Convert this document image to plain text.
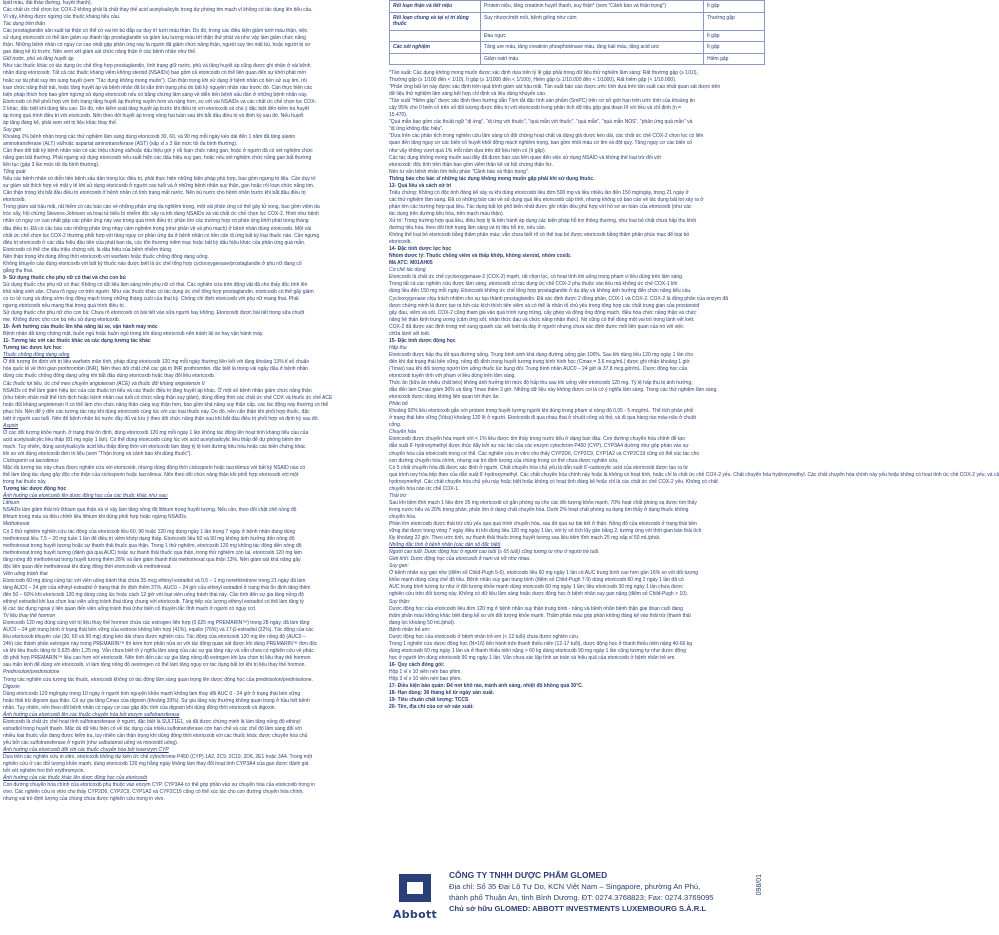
lipid máu, đái tháo đường, huyết thanh).

Các chất ức chế chọn lọc COX-2 không phải là chất thay thế acid acetylsalicylic trong dự phòng tim mạch vì không có tác dụng lên tiểu cầu.

Vì vậy, không được ngừng các thuốc kháng tiểu cầu.

Tác dụng trên thận

Các prostaglandin sản xuất tại thận có thể có vai trò bù đắp sự duy trì tưới máu thận. Do đó, trong các điều kiện giảm tưới máu thận, việc

sử dụng etoricoxib có thể làm giảm sự thành lập prostaglandin và giảm lưu lượng máu tới thận thứ phát và như vậy làm giảm chức năng

thận. Những bệnh nhân có nguy cơ cao nhất gặp phản ứng này là người đã giảm chức năng thận, người suy tim mất bù, hoặc người bị xơ

gan đáng kể từ trước. Nên xem xét giám sát chức năng thận ở các bệnh nhân như thế.

Giữ nước, phù và tăng huyết áp

Như các thuốc khác có tác dụng ức chế tổng hợp prostaglandin, tình trạng giữ nước, phù và tăng huyết áp cũng được ghi nhận ở vài bệnh

nhân dùng etoricoxib. Tất cả các thuốc kháng viêm không steroid (NSAIDs) bao gồm cả etoricoxib có thể liên quan đến sự khởi phát mới

hoặc sự tái phát suy tim sung huyết (xem "Tác dụng không mong muốn"). Cần thận trọng khi sử dụng ở bệnh nhân có tiền sử suy tim, rối

loạn chức năng thất trái, hoặc tăng huyết áp và bệnh nhân đã bị sẵn tình trạng phù do bất kỳ nguyên nhân nào trước đó. Cần thực hiện các

biện pháp thích hợp bao gồm ngừng sử dụng etoricoxib nếu có bằng chứng lâm sàng về diễn tiến bệnh xấu dần ở những bệnh nhân này.

Etoricoxib có thể phối hợp với tình trạng tăng huyết áp thường xuyên hơn và nặng hơn, so với vài NSAIDs và các chất ức chế chọn lọc COX-

2 khác, đặc biệt khi dùng liều cao. Do đó, nên kiểm soát tăng huyết áp trước khi điều trị với etoricoxib và chú ý đặc biệt đến kiểm tra huyết

áp trong quá trình điều trị với etoricoxib. Nên theo dõi huyết áp trong vòng hai tuần sau khi bắt đầu điều trị và định kỳ sau đó. Nếu huyết

áp tăng đáng kể, phải xem xét trị liệu khác thay thế.

Suy gan

Khoảng 1% bệnh nhân trong các thử nghiệm lâm sàng dùng etoricoxib 30, 60, và 90 mg mỗi ngày kéo dài đến 1 năm đã tăng alanin

aminotransferase (ALT) và/hoặc aspartat aminotransferase (AST) (xấp xỉ ≥ 3 lần mức tối đa bình thường).

Cần theo dõi bất kỳ bệnh nhân nào có các triệu chứng và/hoặc dấu hiệu gợi ý rối loạn chức năng gan, hoặc ở người đã có xét nghiệm chức

năng gan bất thường. Phải ngưng sử dụng etoricoxib nếu xuất hiện các dấu hiệu suy gan, hoặc nếu xét nghiệm chức năng gan bất thường

liên tục (gấp 3 lần mức tối đa bình thường).

Tổng quát

Nếu các bệnh nhân có diễn tiến bệnh xấu dần trong lúc điều trị, phải thực hiện những biện pháp phù hợp, bao gồm ngưng trị liệu. Cần duy trì

sự giám sát thích hợp về mặt y tế khi sử dụng etoricoxib ở người cao tuổi và ở những bệnh nhân suy thận, gan hoặc rối loạn chức năng tim.

Cần thận trọng khi bắt đầu điều trị etoricoxib ở bệnh nhân có tình trạng mất nước. Nên bù nước cho bệnh nhân trước khi bắt đầu điều trị

etoricoxib.

Trong giám sát hậu mãi, rất hiếm có các báo cáo về những phản ứng da nghiêm trọng, một vài phản ứng có thể gây tử vong, bao gồm viêm da

tróc vẩy, hội chứng Stevens-Johnson và hoại tử biểu bì nhiễm độc xảy ra khi dùng NSAIDs và vài chất ức chế chọn lọc COX-2. Hình như bệnh

nhân có nguy cơ cao nhất gặp các phản ứng này vào trong quá trình điều trị: phần lớn các trường hợp có phản ứng khởi phát trong tháng

đầu điều trị. Đã có các báo cáo những phản ứng nhạy cảm nghiêm trọng (như phản vệ và phù mạch) ở bệnh nhân dùng etoricoxib. Một vài

chất ức chế chọn lọc COX-2 thường phối hợp với tăng nguy cơ phản ứng da ở bệnh nhân có tiền căn dị ứng bất kỳ loại thuốc nào. Cần ngưng

điều trị etoricoxib ở các dấu hiệu đầu tiên của phát ban da, các tổn thương niêm mạc hoặc bất kỳ dấu hiệu khác của phản ứng quá mẫn.

Etoricoxib có thể che dấu triệu chứng sốt, là dấu hiệu của bệnh nhiễm trùng.

Nên thận trọng khi dùng đồng thời etoricoxib với warfarin hoặc thuốc chống đông dạng uống.

Không khuyến cáo dùng etoricoxib với bất kỳ thuốc nào được biết là ức chế tổng hợp cyclooxygenase/prostaglandin ở phụ nữ đang cố

gắng thụ thai.

9- Sử dụng thuốc cho phụ nữ có thai và cho con bú

Sử dụng thuốc cho phụ nữ có thai: Không có dữ liệu lâm sàng trên phụ nữ có thai. Các nghiên cứu trên động vật đã cho thấy độc tính lên

khả năng sinh sản. Chưa rõ nguy cơ trên người. Như các thuốc khác có tác dụng ức chế tổng hợp prostaglandin, etoricoxib có thể gây giảm

co co tử cung và đóng sớm ống động mạch trong những tháng cuối của thai kỳ. Chống chỉ định etoricoxib với phụ nữ mang thai. Phải

ngưng etoricoxib nếu mang thai trong quá trình điều trị.

Sử dụng thuốc cho phụ nữ cho con bú: Chưa rõ etoricoxib có bài tiết vào sữa người hay không. Etoricoxib được bài tiết trong sữa chuột

mẹ. Không được cho con bú nếu sử dụng etoricoxib.

10- Ảnh hưởng của thuốc lên khả năng lái xe, vận hành máy móc

Bệnh nhân đã từng chóng mặt, buồn ngủ hoặc buồn ngủ trong khi dùng etoricoxib nên tránh lái xe hay vận hành máy.

11- Tương tác với các thuốc khác và các dạng tương tác khác

Tương tác dược lực học

Thuốc chống đông dạng uống

Ở đối tượng ổn định với trị liệu warfarin mãn tính, pháp dùng etoricoxib 120 mg mỗi ngày thường liên kết với tăng khoảng 13% tỉ số chuẩn

hóa quốc tế về thời gian prothrombin (INR). Nên theo dõi chặt chẽ các giá trị INR prothrombin, đặc biệt là trong vài ngày đầu ở bệnh nhân

dùng các thuốc chống đông dạng uống khi bắt đầu dùng etoricoxib hoặc thay đổi liều etoricoxib.

Các thuốc lợi tiểu, ức chế men chuyển angiotensin (ACE) và thuốc đối kháng angiotensin II

NSAIDs có thể làm giảm hiệu lực của các thuốc lợi tiểu và các thuốc điều trị tăng huyết áp khác. Ở một số bệnh nhân giảm chức năng thận

(như bệnh nhân mất thể tích dịch hoặc bệnh nhân cao tuổi có chức năng thận suy giảm), dùng đồng thời các chất ức chế COX và thuốc ức chế ACE

hoặc đối kháng angiotensin II có thể làm cho chức năng thận càng suy thận hơn, bao gồm khả năng suy thận cấp, các tác động này thường có thể

phục hồi. Nên để ý đến các tương tác này khi dùng etoricoxib cùng lúc với các loại thuốc này. Do đó, nên cẩn thận khi phối hợp thuốc, đặc

biệt ở người cao tuổi. Nên để bệnh nhân bù nước đầy đủ và lưu ý theo dõi chức năng thận sau khi bắt đầu điều trị phối hợp và định kỳ sau đó.

Aspirin

Ở các đối tượng khỏe mạnh, ở trạng thái ổn định, dùng etoricoxib 120 mg mỗi ngày 1 lần không tác động lên hoạt tính kháng tiểu cầu của

acid acetylsalicylic liều thấp (81 mg ngày 1 lần). Có thể dùng etoricoxib cùng lúc với acid acetylsalicylic liều thấp để dự phòng bệnh tim

mạch. Tuy nhiên, dùng acetylsalicylic acid liều thấp đồng thời với etoricoxib làm tăng tỷ lệ loét đường tiêu hóa hoặc các biến chứng khác

khi so với dùng etoricoxib đơn trị liệu (xem "Thận trọng và cảnh báo khi dùng thuốc").

Ciclosporin và tacrolimus

Mặc dù tương tác này chưa được nghiên cứu với etoricoxib, nhưng dùng đồng thời ciclosporin hoặc tacrolimus với bất kỳ NSAID nào có

thể làm tăng tác dụng gây độc cho thận của ciclosporin hoặc tacrolimus. Nên theo dõi chức năng thận khi phối hợp etoricoxib với một

trong hai thuốc này.

Tương tác dược động học

Ảnh hưởng của etoricoxib lên dược động học của các thuốc khác như sau:

Lithium

NSAIDs làm giảm thải trừ lithium qua thận và vì vậy làm tăng nồng độ lithium trong huyết tương. Nếu cần, theo dõi chặt chẽ nồng độ

lithium trong máu và điều chỉnh liều lithium khi dùng phối hợp hoặc ngừng NSAIDs.

Methotrexat

Có 2 thử nghiệm nghiên cứu tác động của etoricoxib liều 60, 90 hoặc 120 mg dùng ngày 1 lần trong 7 ngày ở bệnh nhân đang dùng

methotrexat liều 7,5 – 20 mg tuần 1 lần để điều trị viêm khớp dạng thấp. Etoricoxib liều 60 và 90 mg không ảnh hưởng đến nồng độ

methotrexat trong huyết tương hoặc sự thanh thải thuốc qua thận. Trong 1 thử nghiệm, etoricoxib 120 mg không tác động đến nồng độ

methotrexat trong huyết tương (đánh giá qua AUC) hoặc sự thanh thải thuốc qua thận, trong thử nghiệm còn lại, etoricoxib 120 mg làm

tăng nồng độ methotrexat trong huyết tương thêm 28% và làm giảm thanh thải methotrexat qua thận 13%. Nên giám sát khả năng gây

độc liên quan đến methotrexat khi dùng đồng thời etoricoxib và methotrexat.

Viên uống tránh thai

Etoricoxib 60 mg dùng cùng lúc với viên uống tránh thai chứa 35 mcg ethinyl estradiol và 0,5 – 1 mg norethindrone trong 21 ngày đã làm

tăng AUC0 – 24 giờ của ethinyl estradiol ở trạng thái ổn định thêm 37%. AUC0 – 24 giờ của ethinyl estradiol ở trạng thái ổn định tăng thêm

đến 50 – 60% khi etoricoxib 120 mg dùng cùng lúc hoặc cách 12 giờ với loại viên uống tránh thai này. Cần tính đến sự gia tăng nồng độ

ethinyl estradiol khi lựa chọn loại viên uống tránh thai dùng chung với etoricoxib. Tăng tiếp xúc lượng ethinyl estradiol có thể làm tăng tỷ

lệ các tác dụng ngoại ý liên quan đến viên uống tránh thai (như biến cố thuyên tắc tĩnh mạch ở người có nguy cơ).

Trị liệu thay thế hormon

Etoricoxib 120 mg dùng cùng với trị liệu thay thế hormon chứa các estrogen liên hợp (0,625 mg PREMARIN™) trong 28 ngày, đã làm tăng

AUC0 – 24 giờ trung bình ở trạng thái bền vững của estrone không liên hợp (41%), equilin (76%) và 17-β-estradiol (22%). Tác động của các

liều etoricoxib khuyên cáo (30, 60 và 90 mg) dùng kéo dài chưa được nghiên cứu. Tác động của etoricoxib 120 mg lên nồng độ (AUC0 –

24h) các thành phần estrogen này trong PREMARIN™ thì kém hơn phân nửa so với tác động quan sát được khi dùng PREMARIN™ đơn độc

và khi liều thuốc tăng từ 0,625 đến 1,25 mg. Vẫn chưa biết rõ ý nghĩa lâm sàng của các sự gia tăng này và vẫn chưa có nghiên cứu về phác

đồ phối hợp PREMARIN™ liều cao hơn với etoricoxib. Nên tính đến các sự gia tăng nồng độ estrogen khi lựa chọn trị liệu thay thế hormon

sau mãn kinh để dùng với etoricoxib, vì làm tăng nồng độ oestrogen có thể làm tăng nguy cơ tác dụng bất lợi khi trị liệu thay thế hormon.

Prednisolon/prednisolone

Trong các nghiên cứu tương tác thuốc, etoricoxib không có tác động lâm sàng quan trọng lên dược động học của prednisolon/prednisolone.

Digoxin

Dùng etoricoxib 120 mg/ngày trong 10 ngày ở người tình nguyện khỏe mạnh không làm thay đổi AUC 0 - 24 giờ ở trạng thái bền vững

hoặc thải trừ digoxin qua thận. Có sự gia tăng Cmax của digoxin (khoảng 33%). Sự gia tăng này thường không quan trọng ở hầu hết bệnh

nhân. Tuy nhiên, nên theo dõi bệnh nhân có nguy cơ cao gặp độc tính của digoxin khi dùng đồng thời etoricoxib và digoxin.

Ảnh hưởng của etoricoxib lên các thuốc chuyển hóa bởi enzym sulfotransferase

Etoricoxib là chất ức chế hoạt tính sulfotransferase ở người, đặc biệt là SULT1E1, và đã được chứng minh là làm tăng nồng độ ethinyl

estradiol trong huyết thanh. Mặc dù dữ liệu hiện có về tác dụng của nhiều sulfotransferase còn hạn chế và các chế độ lâm sàng đối với

nhiều loại thuốc vẫn đang được kiểm tra, tuy nhiên cần thận trọng khi dùng đồng thời etoricoxib với các thuốc khác được chuyển hóa chủ

yếu bởi các sulfotransferase ở người (như salbutamol uống và minoxidil uống).

Ảnh hưởng của etoricoxib đối với các thuốc chuyển hóa bởi isoenzym CYP

Dựa trên các nghiên cứu in vitro, etoricoxib không dự kiến ức chế cytochrome P450 (CYP) 1A2, 2C9, 2C19, 2D6, 2E1 hoặc 3A4. Trong một

nghiên cứu ở các đối tượng khỏe mạnh, dùng etoricoxib 120 mg hằng ngày không làm thay đổi hoạt tính CYP3A4 của gan được đánh giá

bởi xét nghiệm hơi thở erythromycin.

Ảnh hưởng của các thuốc khác lên dược động học của etoricoxib

Con đường chuyển hóa chính của etoricoxib phụ thuộc vào enzym CYP. CYP3A4 có thể góp phần vào sự chuyển hóa của etoricoxib trong in

vivo. Các nghiên cứu in vitro cho thấy CYP2D6, CYP2C9, CYP1A2 và CYP2C19 cũng có thể xúc tác cho con đường chuyển hóa chính,

nhưng vai trò định lượng của chúng chưa được nghiên cứu trong in vivo.

Rối loạn thận và tiết niệu	Protein niệu, tăng creatinin huyết thanh, suy thận* (xem "Cảnh báo và thận trọng")	Ít gặp
Rối loạn chung và tại vị trí dùng thuốc	Suy nhược/mệt mỏi, bệnh giống như cúm	Thường gặp
	Đau ngực	Ít gặp
Các xét nghiệm	Tăng ure máu, tăng creatinin phosphokinase máu, tăng kali máu, tăng acid uric	Ít gặp
	Giảm natri máu	Hiếm gặp

*Tần suất: Các dụng không mong muốn được xác định dựa trên tỷ lệ gặp phải trong dữ liệu thử nghiệm lâm sàng: Rất thường gặp (≥ 1/10),

Thường gặp (≥ 1/100 đến < 1/10), Ít gặp (≥ 1/1000 đến < 1/100), Hiếm gặp (≥ 1/10.000 đến < 1/1000), Rất hiếm gặp (< 1/10.000).

"Phản ứng bất lợi này được xác định trên quá trình giám sát hậu mãi. Tần suất báo cáo được ước tính dựa trên tần suất cao nhất quan sát được trên

dữ liệu thử nghiệm lâm sàng kết hợp chỉ định và liều dùng khuyến cáo.

"Tần suất "Hiếm gặp" được xác định theo hướng dẫn Tóm tắt đặc tính sản phẩm (SmPC) trên cơ sở giới hạn trên ước tính của khoảng tin

cậy 95% cho 0 biến cố trên số đối tượng được điều trị với etoricoxib trong phân tích dữ liệu gộp giai đoạn III với liều và chỉ định (n =

15.470).

"Quá mẫn bao gồm các thuật ngữ "dị ứng", "dị ứng với thuốc", "quá mẫn với thuốc", "quá mẫn", "quá mẫn NOS", "phản ứng quá mẫn" và

"dị ứng không đặc hiệu".

"Dựa trên các phân tích trong nghiên cứu lâm sàng có đối chứng hoạt chất và dùng giả dược kéo dài, các chất ức chế COX-2 chọn lọc có liên

quan đến tăng nguy cơ các biến cố huyết khối động mạch nghiêm trọng, bao gồm nhồi máu cơ tim và đột quỵ. Tăng nguy cơ các biến cố

như vậy không vượt quá 1% mỗi năm dựa trên dữ liệu hiện có (ít gặp).

Các tác dụng không mong muốn sau đây đã được báo cáo liên quan đến việc sử dụng NSAID và không thể loại trừ đối với

etoricoxib: độc tính trên thận bao gồm viêm thận kẽ và hội chứng thận hư.

Nên tư vấn bệnh nhân tìm hiểu phần "Cảnh báo và thận trọng".

Thông báo cho bác sĩ những tác dụng không mong muốn gặp phải khi sử dụng thuốc.

13- Quá liều và cách xử trí

Triệu chứng: Không có độc tính đáng kể xảy ra khi dùng etoricoxib liều đơn 500 mg và liều nhiều lần đến 150 mg/ngày, trong 21 ngày ở

các thử nghiệm lâm sàng. Đã có những báo cáo về sử dụng quá liều etoricoxib cấp tính, nhưng không có báo cáo về tác dụng bất lợi xảy ra ở

phần lớn các trường hợp quá liều. Tác dụng bất lợi phổ biến nhất được ghi nhận đều phù hợp với hồ sơ an toàn của etoricoxib (như các

tác dụng trên đường tiêu hóa, trên mạch máu thận).

Xử trí: Trong trường hợp quá liều, điều hợp lý là tiến hành áp dụng các biện pháp hỗ trợ thông thường, như loại bỏ chất chưa hấp thu khỏi

đường tiêu hóa, theo dõi tình trạng lâm sàng và trị liệu hỗ trợ, nếu cần.

Không thể loại bỏ etoricoxib bằng thẩm phân máu; vẫn chưa biết rõ có thể loại bỏ được etoricoxib bằng thẩm phân phúc mạc để loại bỏ

etoricoxib.

14- Đặc tính dược lực học

Nhóm dược lý: Thuốc chống viêm và thấp khớp, không steroid, nhóm coxib.

Mã ATC: M01AH05

Cơ chế tác dụng

Etoricoxib là chất ức chế cyclooxygenase-2 (COX-2) mạnh, rất chọn lọc, có hoạt tính khi uống trong phạm vi liều dùng trên lâm sàng.

Trong tất cả các nghiên cứu dược lâm sàng, etoricoxib có tác dụng ức chế COX-2 phụ thuộc vào liều mà không ức chế COX-1 khi

dùng liều đến 150 mg mỗi ngày. Etoricoxib không ức chế tổng hợp prostaglandin ở dạ dày và không ảnh hưởng đến chức năng tiểu cầu.

Cyclooxygenase chịu trách nhiệm cho sự tạo thành prostaglandin. Đã xác định được 2 đồng phân, COX-1 và COX-2. COX-2 là đồng phân của enzym đã

được chứng minh là được tạo ra bởi các kích thích tiền viêm và có thể là nhân tố chủ yếu trong tổng hợp các chất trung gian của prostanoid

gây đau, viêm và sốt. COX-2 cũng tham gia vào quá trình rụng trứng, cấy ghép và đóng ống động mạch, điều hòa chức năng thận và chức

năng hệ thần kinh trung ương (cảm ứng sốt, nhận thức đau và chức năng nhận thức). Nó cũng có thể đóng một vai trò trong lành vết loét.

COX-2 đã được xác định trong mô xung quanh các vết loét dạ dày ở người nhưng chưa xác định được mối liên quan của nó với việc

chữa lành vết loét.

15- Đặc tính dược động học

Hấp thu

Etoricoxib được hấp thu tốt qua đường uống. Trung bình sinh khả dụng đường uống gần 100%. Sau khi dùng liều 120 mg ngày 1 lần cho

đến khi đạt trạng thái bền vững, nồng độ đỉnh trong huyết tương trung bình hình học (Cmax = 3,6 mcg/mL) được ghi nhận khoảng 1 giờ

(Tmax) sau khi đối tượng người lớn uống thuốc lúc bụng đói. Trung bình nhân AUC0 – 24 giờ là 37,8 mcg.giờ/mL. Dược động học của

etoricoxib tuyến tính với phạm vi liều dùng trên lâm sàng.

Thức ăn (bữa ăn nhiều chất béo) không ảnh hưởng tới mức độ hấp thu sau khi uống viên etoricoxib 120 mg. Tỷ lệ hấp thu bị ảnh hưởng,

dẫn đến làm Cmax giảm 36% và tăng Tmax thêm 2 giờ. Những dữ liệu này không được coi là có ý nghĩa lâm sàng. Trong các thử nghiệm lâm sàng,

etoricoxib được dùng không liên quan tới thức ăn.

Phân bố

Khoảng 92% liều etoricoxib gắn với protein trong huyết tương người khi dùng trong phạm vi nồng độ 0,05 - 5 mcg/mL. Thể tích phân phối

ở trạng thái bền vững (Vdss) khoảng 120 lít ở người. Etoricoxib đi qua nhau thai ở chuột cống và thỏ, và đi qua hàng rào máu-não ở chuột

cống.

Chuyển hóa

Etoricoxib được chuyển hóa mạnh với < 1% liều được tìm thấy trong nước tiểu ở dạng ban đầu. Con đường chuyển hóa chính để tạo

dẫn xuất 6'-hydroxymethyl được thúc đẩy bởi sự xúc tác của các enzym cytochrom P450 (CYP). CYP3A4 dường như góp phần vào sự

chuyển hóa của etoricoxib trong cơ thể. Các nghiên cứu in vitro cho thấy CYP2D6, CYP2C9, CYP1A2 và CYP2C19 cũng có thể xúc tác cho

con đường chuyển hóa chính, nhưng vai trò định lượng của chúng trong cơ thể chưa được nghiên cứu.

Có 5 chất chuyển hóa đã được xác định ở người. Chất chuyển hóa chủ yếu là dẫn xuất 6'-carboxylic acid của etoricoxib được tạo ra từ

quá trình oxy hóa tiếp theo của dẫn xuất 6'-hydroxymethyl. Các chất chuyển hóa chính này hoặc là không có hoạt tính, hoặc chỉ là chất ức chế COX-2 yếu. Chất chuyển hóa hydroxymethyl. Các chất chuyển hóa chính này yếu hoặc không có hoạt tính ức chế COX-2 yếu, và cả

hydroxymethyl. Các chất chuyển hóa chủ yếu này hoặc biệt hoặc không có hoạt tính đáng kể hoặc chỉ là các chất ức chế COX-2 yếu. Không có chất

chuyển hóa nào ức chế COX-1.

Thải trừ

Sau khi tiêm tĩnh mạch 1 liều đơn 25 mg etoricoxib có gắn phóng xạ cho các đối tượng khỏe mạnh, 70% hoạt chất phóng xạ được tìm thấy

trong nước tiểu và 20% trong phân, phần lớn ở dạng chất chuyển hóa. Dưới 2% hoạt chất phóng xạ dạng tìm thấy ở dạng thuốc không

chuyển hóa.

Phần lớn etoricoxib được thải trừ chủ yếu qua quá trình chuyển hóa, sau đó qua sự bài tiết ở thận. Nồng độ của etoricoxib ở trạng thái bền

vững đạt được trong vòng 7 ngày điều trị khi dùng liều 120 mg ngày 1 lần, với tỷ số tích lũy gần bằng 2, tương ứng với thời gian bán thải tích

lũy khoảng 22 giờ. Theo ước tính, sự thanh thải thuốc trong huyết tương sau liều tiêm tĩnh mạch 25 mg xấp xỉ 50 mL/phút.

Những đặc tính ở bệnh nhân (các dân số đặc biệt)

Người cao tuổi: Dược động học ở người cao tuổi (≥ 65 tuổi) cũng tương tự như ở người trẻ tuổi.

Giới tính: Dược động học của etoricoxib ở nam và nữ như nhau.

Suy gan:

Ở bệnh nhân suy gan nhẹ (điểm số Child-Pugh 5-6), etoricoxib liều 60 mg ngày 1 lần có AUC trung bình cao hơn gần 16% so với đối tượng

khỏe mạnh dùng cùng chế độ liều. Bệnh nhân suy gan trung bình (điểm số Child-Pugh 7-9) dùng etoricoxib 60 mg 2 ngày 1 lần đã có

AUC trung bình tương tự như ở đối tượng khỏe mạnh dùng etoricoxib 60 mg ngày 1 lần; liều etoricoxib 30 mg ngày 1 lần chưa được

nghiên cứu trên đối tượng này. Không có dữ liệu lâm sàng hoặc dược động học ở bệnh nhân suy gan nặng (điểm số Child-Pugh > 10).

Suy thận:

Dược động học của etoricoxib liều đơn 120 mg ở bệnh nhân suy thận trung bình - nặng và bệnh nhân bệnh thận giai đoạn cuối đang

thẩm phân máu không khác biệt đáng kể so với đối tượng khỏe mạnh. Thẩm phân máu góp phần không đáng kể vào thải trừ (thanh thải

đang lọc khoảng 50 mL/phút).

Bệnh nhân trẻ em:

Dược động học của etoricoxib ở bệnh nhân trẻ em (< 12 tuổi) chưa được nghiên cứu.

Trong 1 nghiên cứu dược động học (N=16) tiến hành trên thanh thiếu niên (12-17 tuổi), dược động học ở thanh thiếu niên nặng 40-60 kg

dùng etoricoxib 60 mg ngày 1 lần và ở thanh thiếu niên nặng > 60 kg dùng etoricoxib 90 mg ngày 1 lần cũng tương tự như dược động

học ở người lớn dùng etoricoxib 90 mg ngày 1 lần. Vẫn chưa xác lập tính an toàn và hiệu quả của etoricoxib ở bệnh nhân trẻ em.

16- Quy cách đóng gói:

Hộp 1 vỉ x 10 viên nén bao phim.

Hộp 3 vỉ x 10 viên nén bao phim.

17- Điều kiện bảo quản: Để nơi khô ráo, tránh ánh sáng, nhiệt độ không quá 30°C.

18- Hạn dùng: 36 tháng kể từ ngày sản xuất.

19- Tiêu chuẩn chất lượng: TCCS

20- Tên, địa chỉ của cơ sở sản xuất:

Abbott
CÔNG TY TNHH DƯỢC PHẨM GLOMED
Địa chỉ: Số 35 Đại Lộ Tự Do, KCN Việt Nam – Singapore, phường An Phú,
thành phố Thuận An, tỉnh Bình Dương. ĐT: 0274.3768823; Fax: 0274.3769095
Chủ sở hữu GLOMED: ABBOTT INVESTMENTS LUXEMBOURG S.À.R.L
098/01
